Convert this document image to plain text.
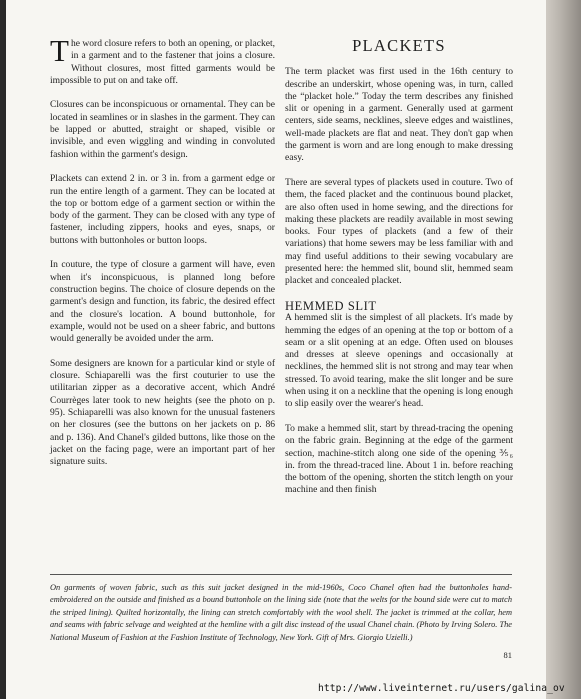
The word closure refers to both an opening, or placket, in a garment and to the fastener that joins a closure. Without closures, most fitted garments would be impossible to put on and take off.

Closures can be inconspicuous or ornamental. They can be located in seamlines or in slashes in the garment. They can be lapped or abutted, straight or shaped, visible or invisible, and even wiggling and winding in convoluted fashion within the garment's design.

Plackets can extend 2 in. or 3 in. from a garment edge or run the entire length of a garment. They can be located at the top or bottom edge of a garment section or within the body of the garment. They can be closed with any type of fastener, including zippers, hooks and eyes, snaps, or buttons with buttonholes or button loops.

In couture, the type of closure a garment will have, even when it's inconspicuous, is planned long before construction begins. The choice of closure depends on the garment's design and function, its fabric, the desired effect and the closure's location. A bound buttonhole, for example, would not be used on a sheer fabric, and buttons would generally be avoided under the arm.

Some designers are known for a particular kind or style of closure. Schiaparelli was the first couturier to use the utilitarian zipper as a decorative accent, which André Courrèges later took to new heights (see the photo on p. 95). Schiaparelli was also known for the unusual fasteners on her closures (see the buttons on her jackets on p. 86 and p. 136). And Chanel's gilded buttons, like those on the jacket on the facing page, were an important part of her signature suits.

PLACKETS

The term placket was first used in the 16th century to describe an underskirt, whose opening was, in turn, called the “placket hole.” Today the term describes any finished slit or opening in a garment. Generally used at garment centers, side seams, necklines, sleeve edges and waistlines, well-made plackets are flat and neat. They don't gap when the garment is worn and are long enough to make dressing easy.

There are several types of plackets used in couture. Two of them, the faced placket and the continuous bound placket, are also often used in home sewing, and the directions for making these plackets are readily available in most sewing books. Four types of plackets (and a few of their variations) that home sewers may be less familiar with and may find useful additions to their sewing vocabulary are presented here: the hemmed slit, bound slit, hemmed seam placket and concealed placket.

HEMMED SLIT

A hemmed slit is the simplest of all plackets. It's made by hemming the edges of an opening at the top or bottom of a seam or a slit opening at an edge. Often used on blouses and dresses at sleeve openings and occasionally at necklines, the hemmed slit is not strong and may tear when stressed. To avoid tearing, make the slit longer and be sure when using it on a neckline that the opening is long enough to slip easily over the wearer's head.

To make a hemmed slit, start by thread-tracing the opening on the fabric grain. Beginning at the edge of the garment section, machine-stitch along one side of the opening ⅗₆ in. from the thread-traced line. About 1 in. before reaching the bottom of the opening, shorten the stitch length on your machine and then finish

On garments of woven fabric, such as this suit jacket designed in the mid-1960s, Coco Chanel often had the buttonholes hand-embroidered on the outside and finished as a bound buttonhole on the lining side (note that the welts for the bound side were cut to match the striped lining). Quilted horizontally, the lining can stretch comfortably with the wool shell. The jacket is trimmed at the collar, hem and seams with fabric selvage and weighted at the hemline with a gilt disc instead of the usual Chanel chain. (Photo by Irving Solero. The National Museum of Fashion at the Fashion Institute of Technology, New York. Gift of Mrs. Giorgio Uzielli.)
81
http://www.liveinternet.ru/users/galina_ov
